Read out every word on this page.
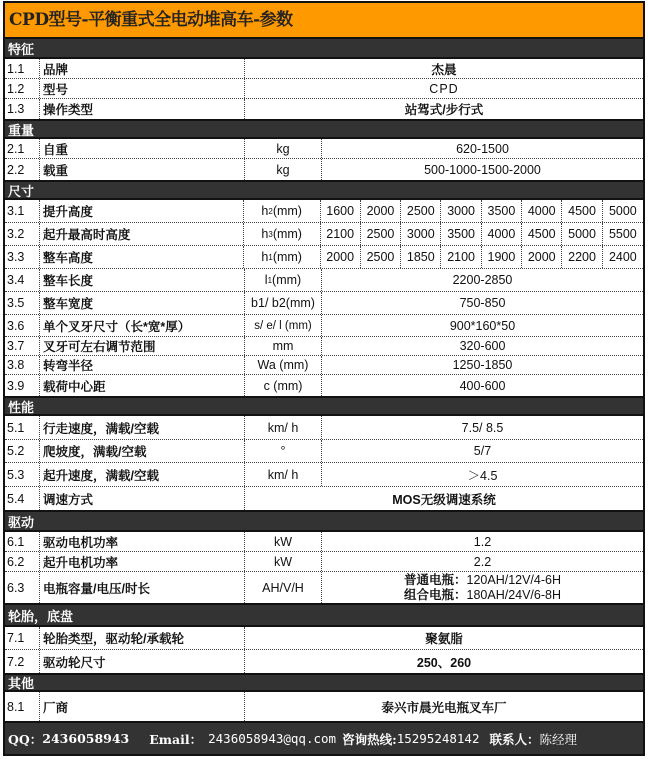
CPD型号-平衡重式全电动堆高车-参数
特征
1.1	品牌	杰晨
1.2	型号	CPD
1.3	操作类型	站驾式/步行式
重量
2.1	自重	kg	620-1500
2.2	载重	kg	500-1000-1500-2000
尺寸
3.1	提升高度	h 2 (mm)	1600	2000	2500	3000	3500	4000	4500	5000
3.2	起升最高时高度	h 3 (mm)	2100	2500	3000	3500	4000	4500	5000	5500
3.3	整车高度	h 1 (mm)	2000	2500	1850	2100	1900	2000	2200	2400
3.4	整车长度	l 1 (mm)	2200-2850
3.5	整车宽度	b1/ b2(mm)	750-850
3.6	单个叉牙尺寸（长*宽*厚）	s/ e/ l (mm)	900*160*50
3.7	叉牙可左右调节范围	mm	320-600
3.8	转弯半径	Wa (mm)	1250-1850
3.9	载荷中心距	c (mm)	400-600
性能
5.1	行走速度，满载/空载	km/ h	7.5/ 8.5
5.2	爬坡度，满载/空载	°	5/7
5.3	起升速度，满载/空载	km/ h	＞4.5
5.4	调速方式	MOS无级调速系统
驱动
6.1	驱动电机功率	kW	1.2
6.2	起升电机功率	kW	2.2
6.3	电瓶容量/电压/时长	AH/V/H
普通电瓶：120AH/12V/4-6H
组合电瓶：180AH/24V/6-8H
轮胎，底盘
7.1	轮胎类型，驱动轮/承载轮	聚氨脂
7.2	驱动轮尺寸	250、260
其他
8.1	厂商	泰兴市晨光电瓶叉车厂
QQ： 2436058943 Email： 2436058943@qq.com 咨询热线: 15295248142 联系人： 陈经理
